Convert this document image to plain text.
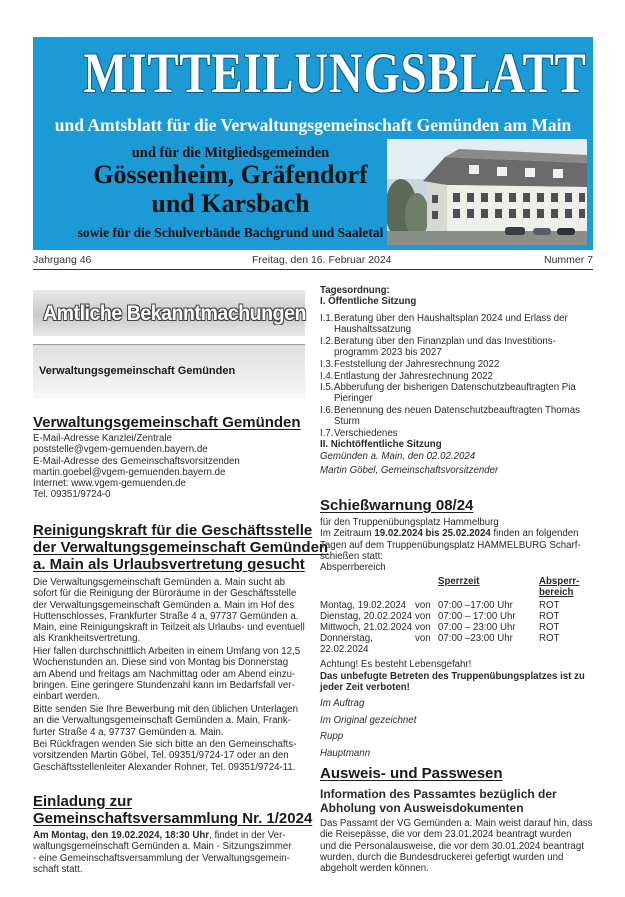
MITTEILUNGSBLATT
und Amtsblatt für die Verwaltungsgemeinschaft Gemünden am Main
und für die Mitgliedsgemeinden
Gössenheim, Gräfendorf
und Karsbach
sowie für die Schulverbände Bachgrund und Saaletal
Jahrgang 46	Freitag, den 16. Februar 2024	Nummer 7
Amtliche Bekanntmachungen
Verwaltungsgemeinschaft Gemünden
Verwaltungsgemeinschaft Gemünden
E-Mail-Adresse Kanzlei/Zentrale
poststelle@vgem-gemuenden.bayern.de
E-Mail-Adresse des Gemeinschaftsvorsitzenden
martin.goebel@vgem-gemuenden.bayern.de
Internet: www.vgem-gemuenden.de
Tel. 09351/9724-0
Reinigungskraft für die Geschäftsstelle
der Verwaltungsgemeinschaft Gemünden
a. Main als Urlaubsvertretung gesucht
Die Verwaltungsgemeinschaft Gemünden a. Main sucht ab
sofort für die Reinigung der Büroräume in der Geschäftsstelle
der Verwaltungsgemeinschaft Gemünden a. Main im Hof des
Huttenschlosses, Frankfurter Straße 4 a, 97737 Gemünden a.
Main, eine Reinigungskraft in Teilzeit als Urlaubs- und eventuell
als Krankheitsvertretung.
Hier fallen durchschnittlich Arbeiten in einem Umfang von 12,5
Wochenstunden an. Diese sind von Montag bis Donnerstag
am Abend und freitags am Nachmittag oder am Abend einzu-
bringen. Eine geringere Stundenzahl kann im Bedarfsfall ver-
einbart werden.
Bitte senden Sie Ihre Bewerbung mit den üblichen Unterlagen
an die Verwaltungsgemeinschaft Gemünden a. Main, Frank-
furter Straße 4 a, 97737 Gemünden a. Main.
Bei Rückfragen wenden Sie sich bitte an den Gemeinschafts-
vorsitzenden Martin Göbel, Tel. 09351/9724-17 oder an den
Geschäftsstellenleiter Alexander Rohner, Tel. 09351/9724-11.
Einladung zur
Gemeinschaftsversammlung Nr. 1/2024
Am Montag, den 19.02.2024, 18:30 Uhr, findet in der Ver-
waltungsgemeinschaft Gemünden a. Main - Sitzungszimmer
- eine Gemeinschaftsversammlung der Verwaltungsgemein-
schaft statt.
Tagesordnung:
I. Öffentliche Sitzung
I.1. Beratung über den Haushaltsplan 2024 und Erlass der
Haushaltssatzung
I.2. Beratung über den Finanzplan und das Investitions-
programm 2023 bis 2027
I.3. Feststellung der Jahresrechnung 2022
I.4. Entlastung der Jahresrechnung 2022
I.5. Abberufung der bisherigen Datenschutzbeauftragten Pia
Pieringer
I.6. Benennung des neuen Datenschutzbeauftragten Thomas
Sturm
I.7. Verschiedenes
II. Nichtöffentliche Sitzung
Gemünden a. Main, den 02.02.2024
Martin Göbel, Gemeinschaftsvorsitzender
Schießwarnung 08/24
für den Truppenübungsplatz Hammelburg
Im Zeitraum 19.02.2024 bis 25.02.2024 finden an folgenden
Tagen auf dem Truppenübungsplatz HAMMELBURG Scharf-
schießen statt:
Absperrbereich
Sperrzeit	Absperr-
bereich
Montag, 19.02.2024 von 07:00 –17:00 Uhr	ROT
Dienstag, 20.02.2024 von 07:00 – 17:00 Uhr ROT
Mittwoch, 21.02.2024 von 07:00 – 23:00 Uhr ROT
Donnerstag,	von 07:00 –23:00 Uhr	ROT
22.02.2024
Achtung! Es besteht Lebensgefahr!
Das unbefugte Betreten des Truppenübungsplatzes ist zu
jeder Zeit verboten!
Im Auftrag
Im Original gezeichnet
Rupp
Hauptmann
Ausweis- und Passwesen
Information des Passamtes bezüglich der
Abholung von Ausweisdokumenten
Das Passamt der VG Gemünden a. Main weist darauf hin, dass
die Reisepässe, die vor dem 23.01.2024 beantragt wurden
und die Personalausweise, die vor dem 30.01.2024 beantragt
wurden, durch die Bundesdruckerei gefertigt wurden und
abgeholt werden können.
